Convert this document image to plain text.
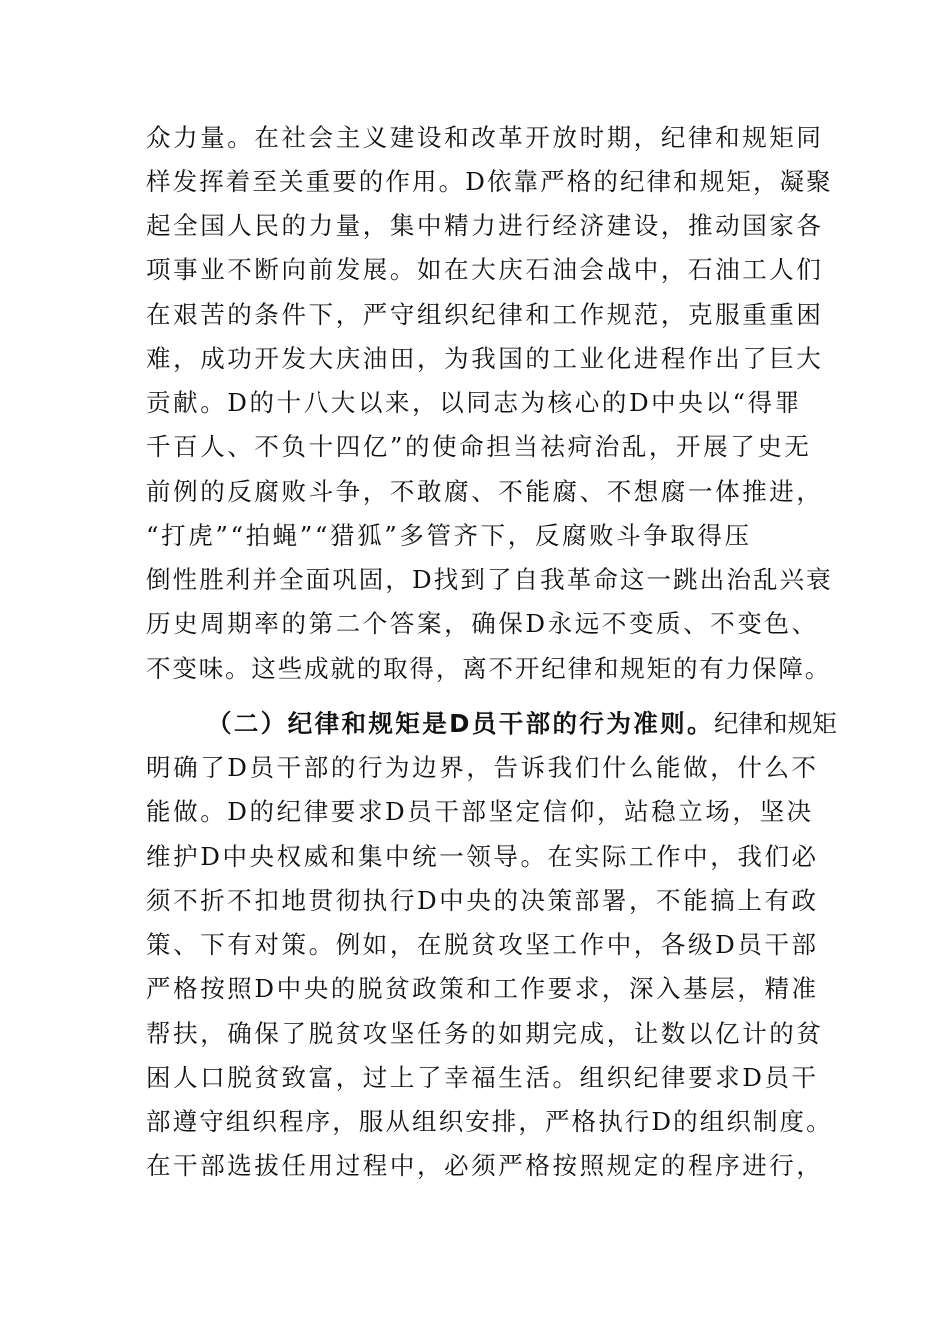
众力量。在社会主义建设和改革开放时期，纪律和规矩同
样发挥着至关重要的作用。D依靠严格的纪律和规矩，凝聚
起全国人民的力量，集中精力进行经济建设，推动国家各
项事业不断向前发展。如在大庆石油会战中，石油工人们
在艰苦的条件下，严守组织纪律和工作规范，克服重重困
难，成功开发大庆油田，为我国的工业化进程作出了巨大
贡献。D的十八大以来，以同志为核心的D中央以“得罪
千百人、不负十四亿”的使命担当祛疴治乱，开展了史无
前例的反腐败斗争，不敢腐、不能腐、不想腐一体推进，
“打虎”“拍蝇”“猎狐”多管齐下，反腐败斗争取得压
倒性胜利并全面巩固，D找到了自我革命这一跳出治乱兴衰
历史周期率的第二个答案，确保D永远不变质、不变色、
不变味。这些成就的取得，离不开纪律和规矩的有力保障。
（二）纪律和规矩是D员干部的行为准则。纪律和规矩
明确了D员干部的行为边界，告诉我们什么能做，什么不
能做。D的纪律要求D员干部坚定信仰，站稳立场，坚决
维护D中央权威和集中统一领导。在实际工作中，我们必
须不折不扣地贯彻执行D中央的决策部署，不能搞上有政
策、下有对策。例如，在脱贫攻坚工作中，各级D员干部
严格按照D中央的脱贫政策和工作要求，深入基层，精准
帮扶，确保了脱贫攻坚任务的如期完成，让数以亿计的贫
困人口脱贫致富，过上了幸福生活。组织纪律要求D员干
部遵守组织程序，服从组织安排，严格执行D的组织制度。
在干部选拔任用过程中，必须严格按照规定的程序进行，
